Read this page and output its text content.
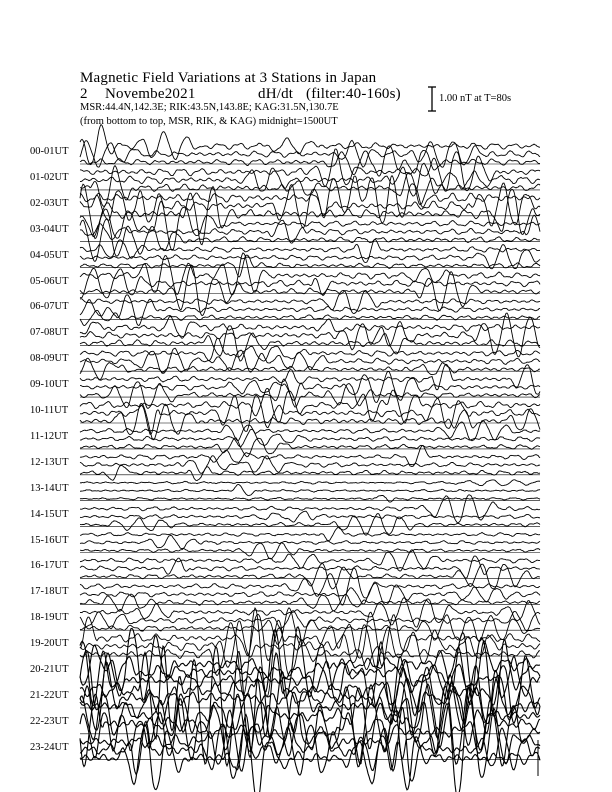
Magnetic Field Variations at 3 Stations in Japan
2 Novembe2021	dH/dt (filter:40-160s)
MSR:44.4N,142.3E; RIK:43.5N,143.8E; KAG:31.5N,130.7E
(from bottom to top, MSR, RIK, & KAG) midnight=1500UT
1.00 nT at T=80s
00-01UT
01-02UT
02-03UT
03-04UT
04-05UT
05-06UT
06-07UT
07-08UT
08-09UT
09-10UT
10-11UT
11-12UT
12-13UT
13-14UT
14-15UT
15-16UT
16-17UT
17-18UT
18-19UT
19-20UT
20-21UT
21-22UT
22-23UT
23-24UT
